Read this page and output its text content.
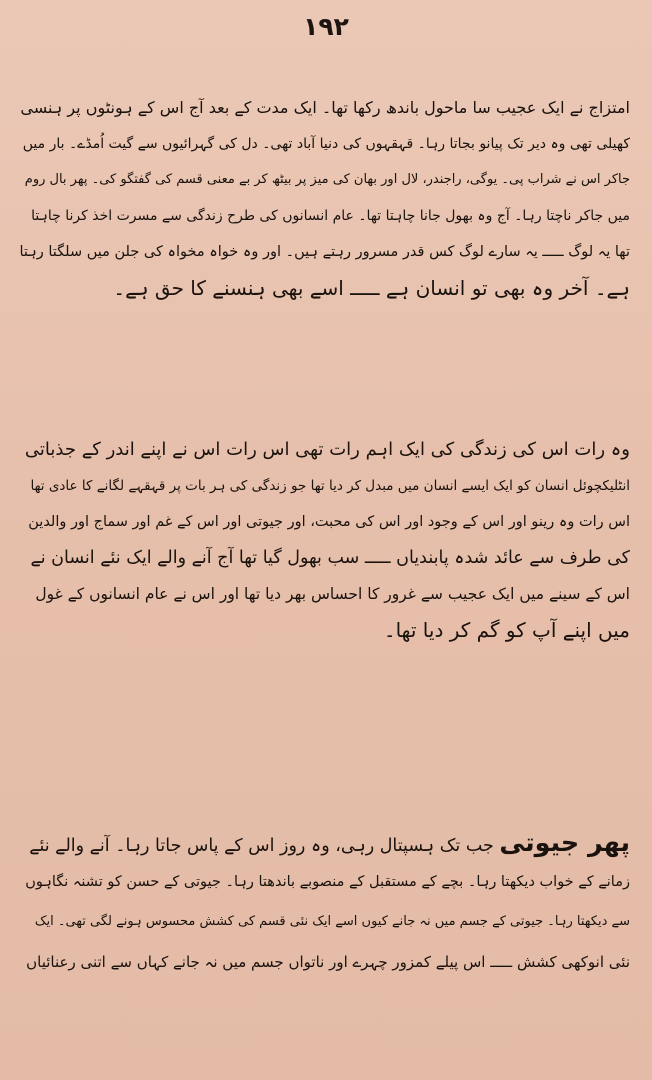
۱۹۲
امتزاج نے ایک عجیب سا ماحول باندھ رکھا تھا۔ ایک مدت کے بعد آج اس کے ہونٹوں پر ہنسی
کھیلی تھی وہ دیر تک پیانو بجاتا رہا۔ قہقہوں کی دنیا آباد تھی۔ دل کی گہرائیوں سے گیت اُمڈے۔ بار میں
جاکر اس نے شراب پی۔ یوگی، راجندر، لال اور بھان کی میز پر بیٹھ کر بے معنی قسم کی گفتگو کی۔ پھر بال روم
میں جاکر ناچتا رہا۔ آج وہ بھول جانا چاہتا تھا۔ عام انسانوں کی طرح زندگی سے مسرت اخذ کرنا چاہتا
تھا یہ لوگ ـــــ یہ سارے لوگ کس قدر مسرور رہتے ہیں۔ اور وہ خواہ مخواہ کی جلن میں سلگتا رہتا
ہے۔ آخر وہ بھی تو انسان ہے ـــــ اسے بھی ہنسنے کا حق ہے۔
وہ رات اس کی زندگی کی ایک اہم رات تھی اس رات اس نے اپنے اندر کے جذباتی
انٹلیکچوئل انسان کو ایک ایسے انسان میں مبدل کر دیا تھا جو زندگی کی ہر بات پر قہقہے لگانے کا عادی تھا
اس رات وہ رینو اور اس کے وجود اور اس کی محبت، اور جیوتی اور اس کے غم اور سماج اور والدین
کی طرف سے عائد شدہ پابندیاں ـــــ سب بھول گیا تھا آج آنے والے ایک نئے انسان نے
اس کے سینے میں ایک عجیب سے غرور کا احساس بھر دیا تھا اور اس نے عام انسانوں کے غول
میں اپنے آپ کو گم کر دیا تھا۔
پھر جیوتی جب تک ہسپتال رہی، وہ روز اس کے پاس جاتا رہا۔ آنے والے نئے
زمانے کے خواب دیکھتا رہا۔ بچے کے مستقبل کے منصوبے باندھتا رہا۔ جیوتی کے حسن کو تشنہ نگاہوں
سے دیکھتا رہا۔ جیوتی کے جسم میں نہ جانے کیوں اسے ایک نئی قسم کی کشش محسوس ہونے لگی تھی۔ ایک
نئی انوکھی کشش ـــــ اس پیلے کمزور چہرے اور ناتواں جسم میں نہ جانے کہاں سے اتنی رعنائیاں
